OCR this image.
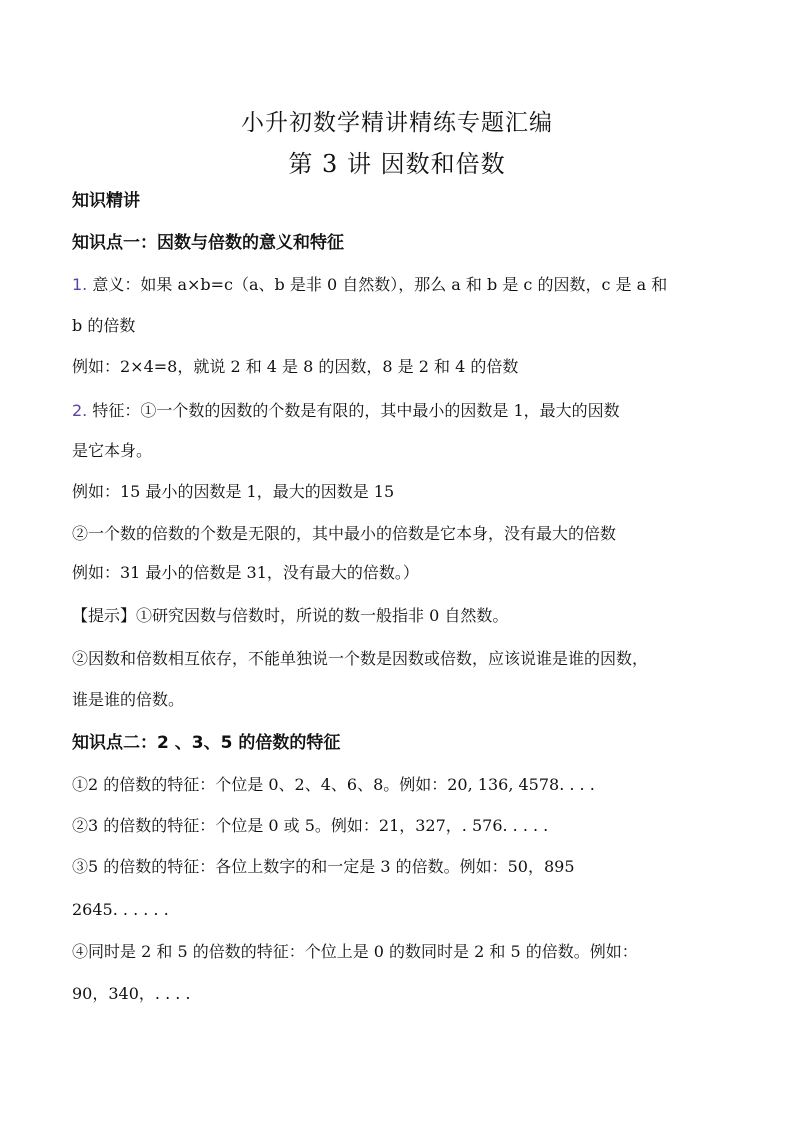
小升初数学精讲精练专题汇编
第 3 讲 因数和倍数
知识精讲
知识点一：因数与倍数的意义和特征
1. 意义：如果 a×b=c（a、b 是非 0 自然数），那么 a 和 b 是 c 的因数，c 是 a 和
b 的倍数
例如：2×4=8，就说 2 和 4 是 8 的因数，8 是 2 和 4 的倍数
2. 特征：①一个数的因数的个数是有限的，其中最小的因数是 1，最大的因数
是它本身。
例如：15 最小的因数是 1，最大的因数是 15
②一个数的倍数的个数是无限的，其中最小的倍数是它本身，没有最大的倍数
例如：31 最小的倍数是 31，没有最大的倍数。）
【提示】①研究因数与倍数时，所说的数一般指非 0 自然数。
②因数和倍数相互依存，不能单独说一个数是因数或倍数，应该说谁是谁的因数，
谁是谁的倍数。
知识点二：2 、3、5 的倍数的特征
①2 的倍数的特征：个位是 0、2、4、6、8。例如：20, 136, 4578. . . .
②3 的倍数的特征：个位是 0 或 5。例如：21，327，. 576. . . . .
③5 的倍数的特征：各位上数字的和一定是 3 的倍数。例如：50，895
2645. . . . . .
④同时是 2 和 5 的倍数的特征：个位上是 0 的数同时是 2 和 5 的倍数。例如：
90，340，. . . .
